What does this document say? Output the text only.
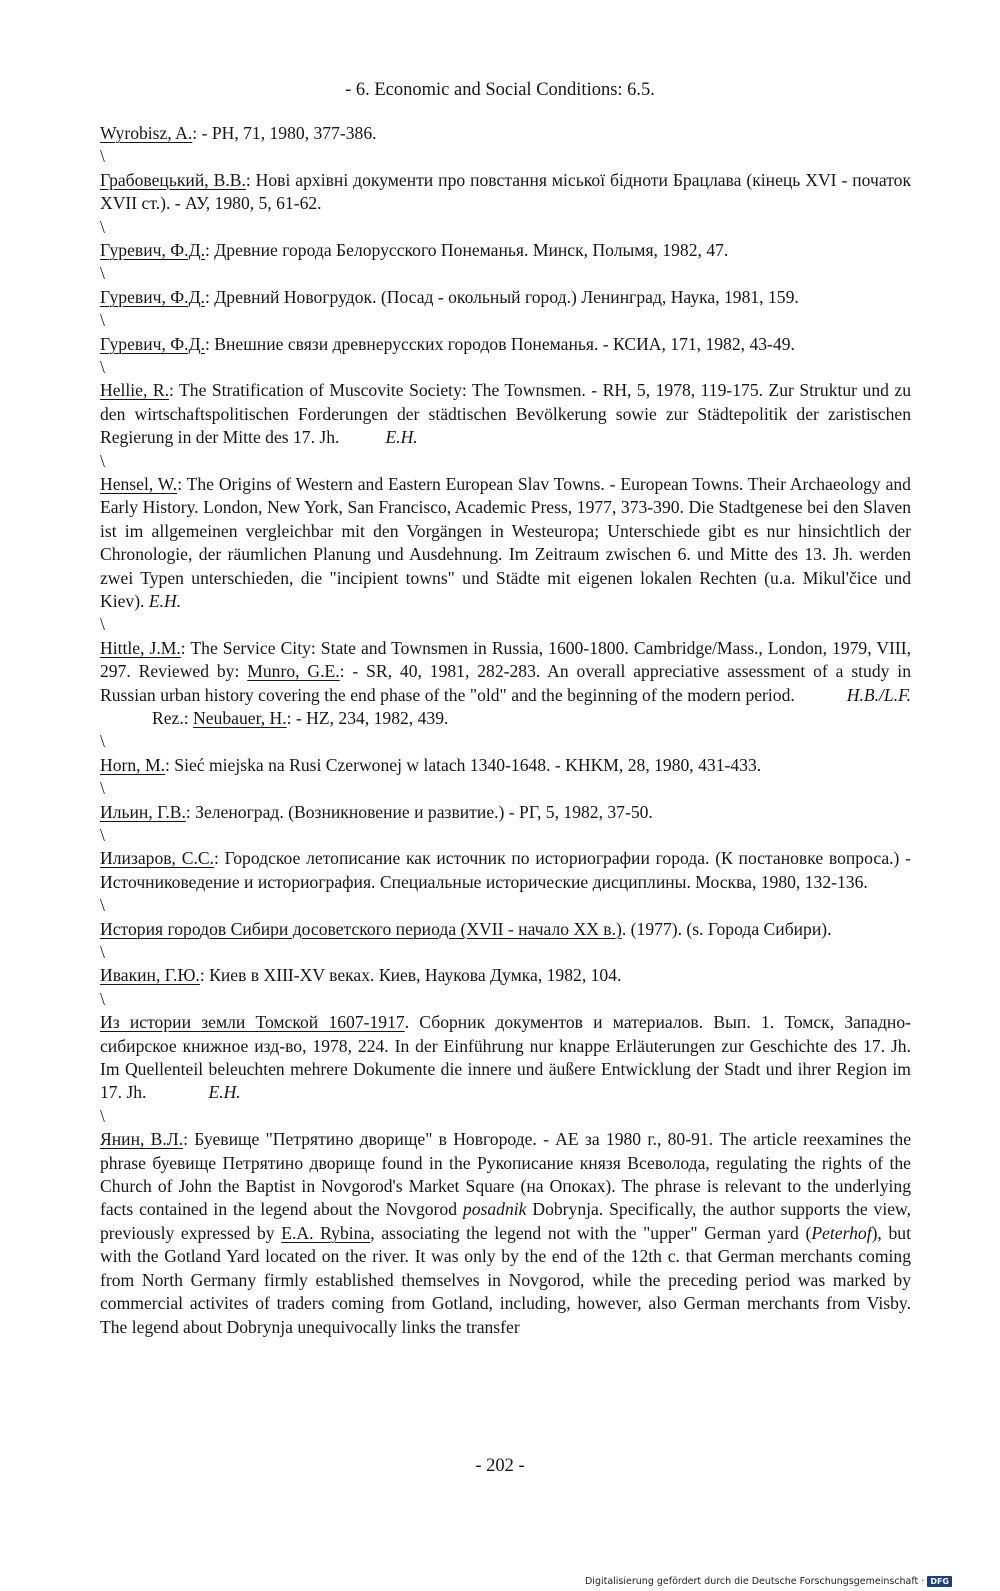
- 6. Economic and Social Conditions: 6.5.

Wyrobisz, A.: - PH, 71, 1980, 377-386.

\

Грабовецький, В.В.: Нові архівні документи про повстання міської бідноти Брацлава (кінець XVI - початок XVII ст.). - АУ, 1980, 5, 61-62.

\

Гуревич, Ф.Д.: Древние города Белорусского Понеманья. Минск, Полымя, 1982, 47.

\

Гуревич, Ф.Д.: Древний Новогрудок. (Посад - окольный город.) Ленинград, Наука, 1981, 159.

\

Гуревич, Ф.Д.: Внешние связи древнерусских городов Понеманья. - КСИА, 171, 1982, 43-49.

\

Hellie, R.: The Stratification of Muscovite Society: The Townsmen. - RH, 5, 1978, 119-175. Zur Struktur und zu den wirtschaftspolitischen Forderungen der städtischen Bevölkerung sowie zur Städtepolitik der zaristischen Regierung in der Mitte des 17. Jh.	E.H.

\

Hensel, W.: The Origins of Western and Eastern European Slav Towns. - European Towns. Their Archaeology and Early History. London, New York, San Francisco, Academic Press, 1977, 373-390. Die Stadtgenese bei den Slaven ist im allgemeinen vergleichbar mit den Vorgängen in Westeuropa; Unterschiede gibt es nur hinsichtlich der Chronologie, der räumlichen Planung und Ausdehnung. Im Zeitraum zwischen 6. und Mitte des 13. Jh. werden zwei Typen unterschieden, die "incipient towns" und Städte mit eigenen lokalen Rechten (u.a. Mikul'čice und Kiev). E.H.

\

Hittle, J.M.: The Service City: State and Townsmen in Russia, 1600-1800. Cambridge/Mass., London, 1979, VIII, 297. Reviewed by: Munro, G.E.: - SR, 40, 1981, 282-283. An overall appreciative assessment of a study in Russian urban history covering the end phase of the "old" and the beginning of the modern period.	H.B./L.F.Rez.: Neubauer, H.: - HZ, 234, 1982, 439.

\

Horn, M.: Sieć miejska na Rusi Czerwonej w latach 1340-1648. - KHKM, 28, 1980, 431-433.

\

Ильин, Г.В.: Зеленоград. (Возникновение и развитие.) - РГ, 5, 1982, 37-50.

\

Илизаров, С.С.: Городское летописание как источник по историографии города. (К постановке вопроса.) - Источниковедение и историография. Специальные исторические дисциплины. Москва, 1980, 132-136.

\

История городов Сибири досоветского периода (XVII - начало XX в.). (1977). (s. Города Сибири).

\

Ивакин, Г.Ю.: Киев в XIII-XV веках. Киев, Наукова Думка, 1982, 104.

\

Из истории земли Томской 1607-1917. Сборник документов и материалов. Вып. 1. Томск, Западно-сибирское книжное изд-во, 1978, 224. In der Einführung nur knappe Erläuterungen zur Geschichte des 17. Jh. Im Quellenteil beleuchten mehrere Dokumente die innere und äußere Entwicklung der Stadt und ihrer Region im 17. Jh.	E.H.

\

Янин, В.Л.: Буевище "Петрятино дворище" в Новгороде. - АЕ за 1980 г., 80-91. The article reexamines the phrase буевище Петрятино дворище found in the Рукописание князя Всеволода, regulating the rights of the Church of John the Baptist in Novgorod's Market Square (на Опоках). The phrase is relevant to the underlying facts contained in the legend about the Novgorod posadnik Dobrynja. Specifically, the author supports the view, previously expressed by E.A. Rybina, associating the legend not with the "upper" German yard (Peterhof), but with the Gotland Yard located on the river. It was only by the end of the 12th c. that German merchants coming from North Germany firmly established themselves in Novgorod, while the preceding period was marked by commercial activites of traders coming from Gotland, including, however, also German merchants from Visby. The legend about Dobrynja unequivocally links the transfer

- 202 -
Digitalisierung gefördert durch die Deutsche Forschungsgemeinschaft · DFG
